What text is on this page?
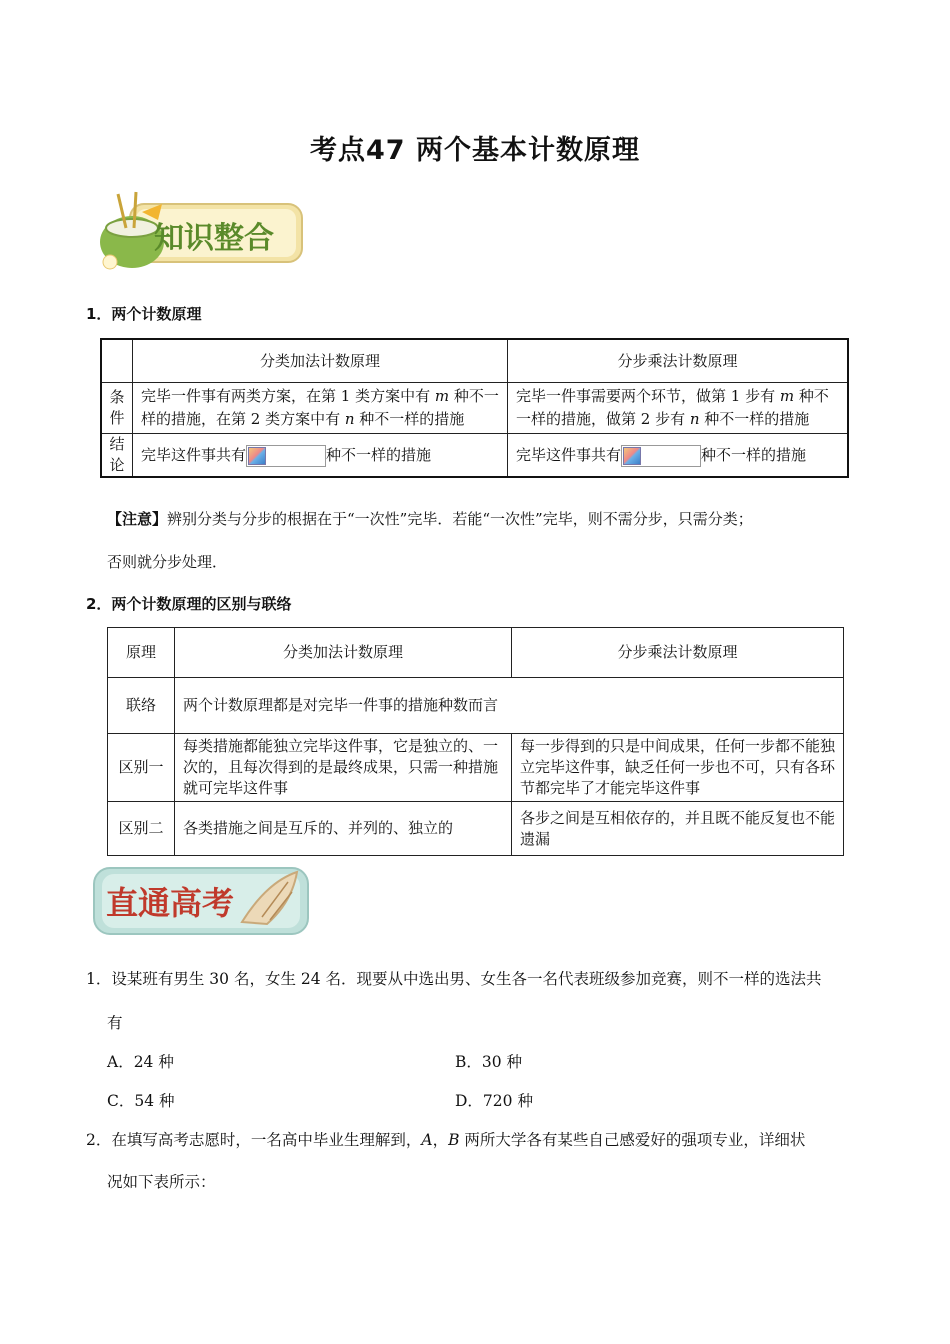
考点47 两个基本计数原理
知识整合
1．两个计数原理
	分类加法计数原理	分步乘法计数原理
条件	完毕一件事有两类方案，在第 1 类方案中有 m 种不一样的措施，在第 2 类方案中有 n 种不一样的措施	完毕一件事需要两个环节，做第 1 步有 m 种不一样的措施，做第 2 步有 n 种不一样的措施
结论	完毕这件事共有 种不一样的措施	完毕这件事共有 种不一样的措施
【注意】辨别分类与分步的根据在于“一次性”完毕．若能“一次性”完毕，则不需分步，只需分类；
否则就分步处理．
2．两个计数原理的区别与联络
原理	分类加法计数原理	分步乘法计数原理
联络	两个计数原理都是对完毕一件事的措施种数而言	
区别一	每类措施都能独立完毕这件事，它是独立的、一次的，且每次得到的是最终成果，只需一种措施就可完毕这件事	每一步得到的只是中间成果，任何一步都不能独立完毕这件事，缺乏任何一步也不可，只有各环节都完毕了才能完毕这件事
区别二	各类措施之间是互斥的、并列的、独立的	各步之间是互相依存的，并且既不能反复也不能遗漏
直通高考
1．设某班有男生 30 名，女生 24 名．现要从中选出男、女生各一名代表班级参加竞赛，则不一样的选法共
有
A．24 种	B．30 种
C．54 种	D．720 种
2．在填写高考志愿时，一名高中毕业生理解到，A，B 两所大学各有某些自己感爱好的强项专业，详细状
况如下表所示：
